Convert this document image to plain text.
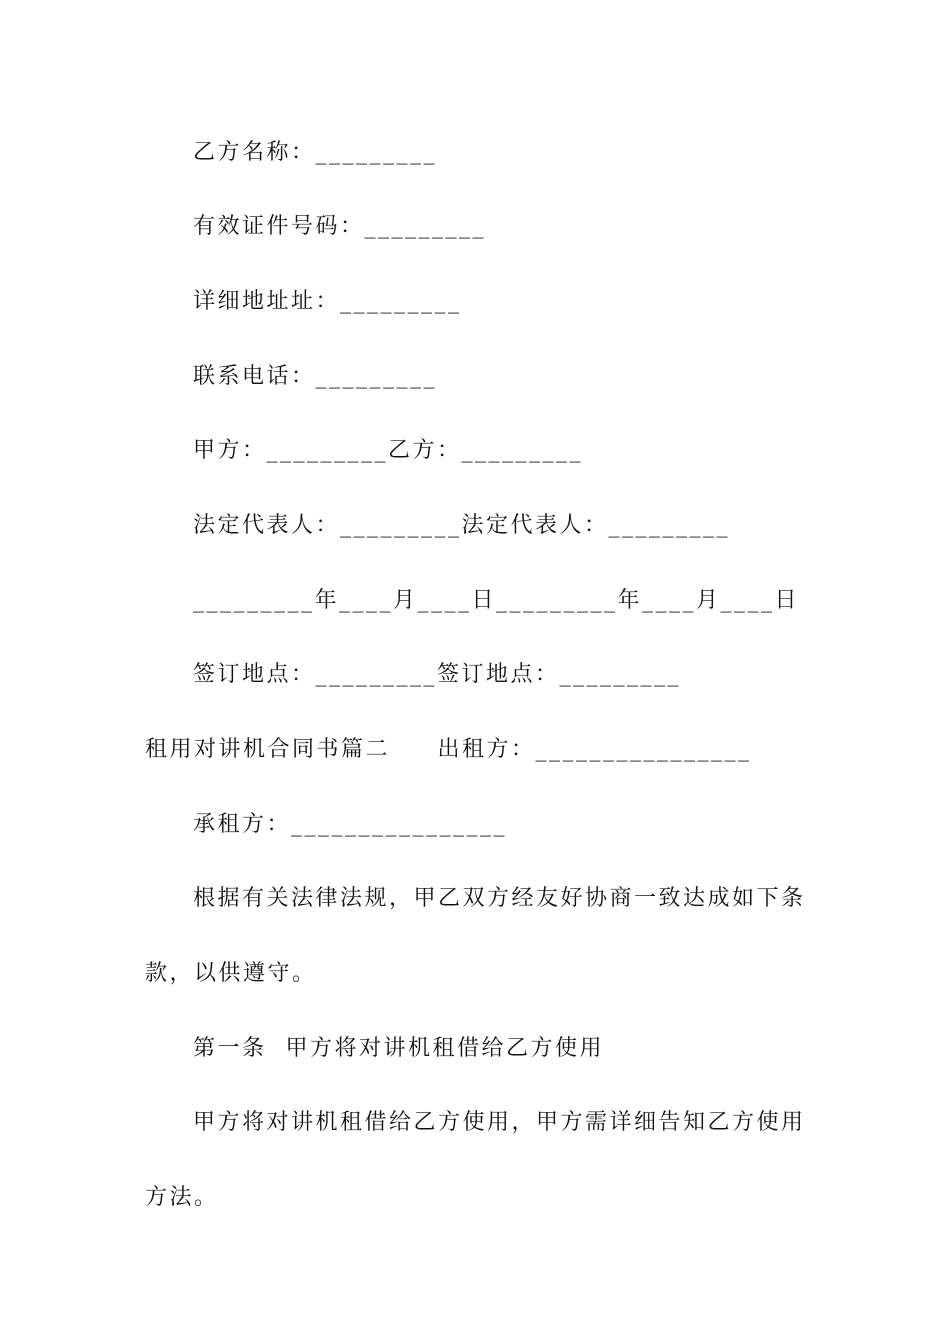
乙方名称：_________
有效证件号码：_________
详细地址址：_________
联系电话：_________
甲方：_________乙方：_________
法定代表人：_________法定代表人：_________
_________年____月____日_________年____月____日
签订地点：_________签订地点：_________
租用对讲机合同书篇二     出租方：________________
承租方：________________
根据有关法律法规，甲乙双方经友好协商一致达成如下条
款，以供遵守。
第一条  甲方将对讲机租借给乙方使用
甲方将对讲机租借给乙方使用，甲方需详细告知乙方使用
方法。
